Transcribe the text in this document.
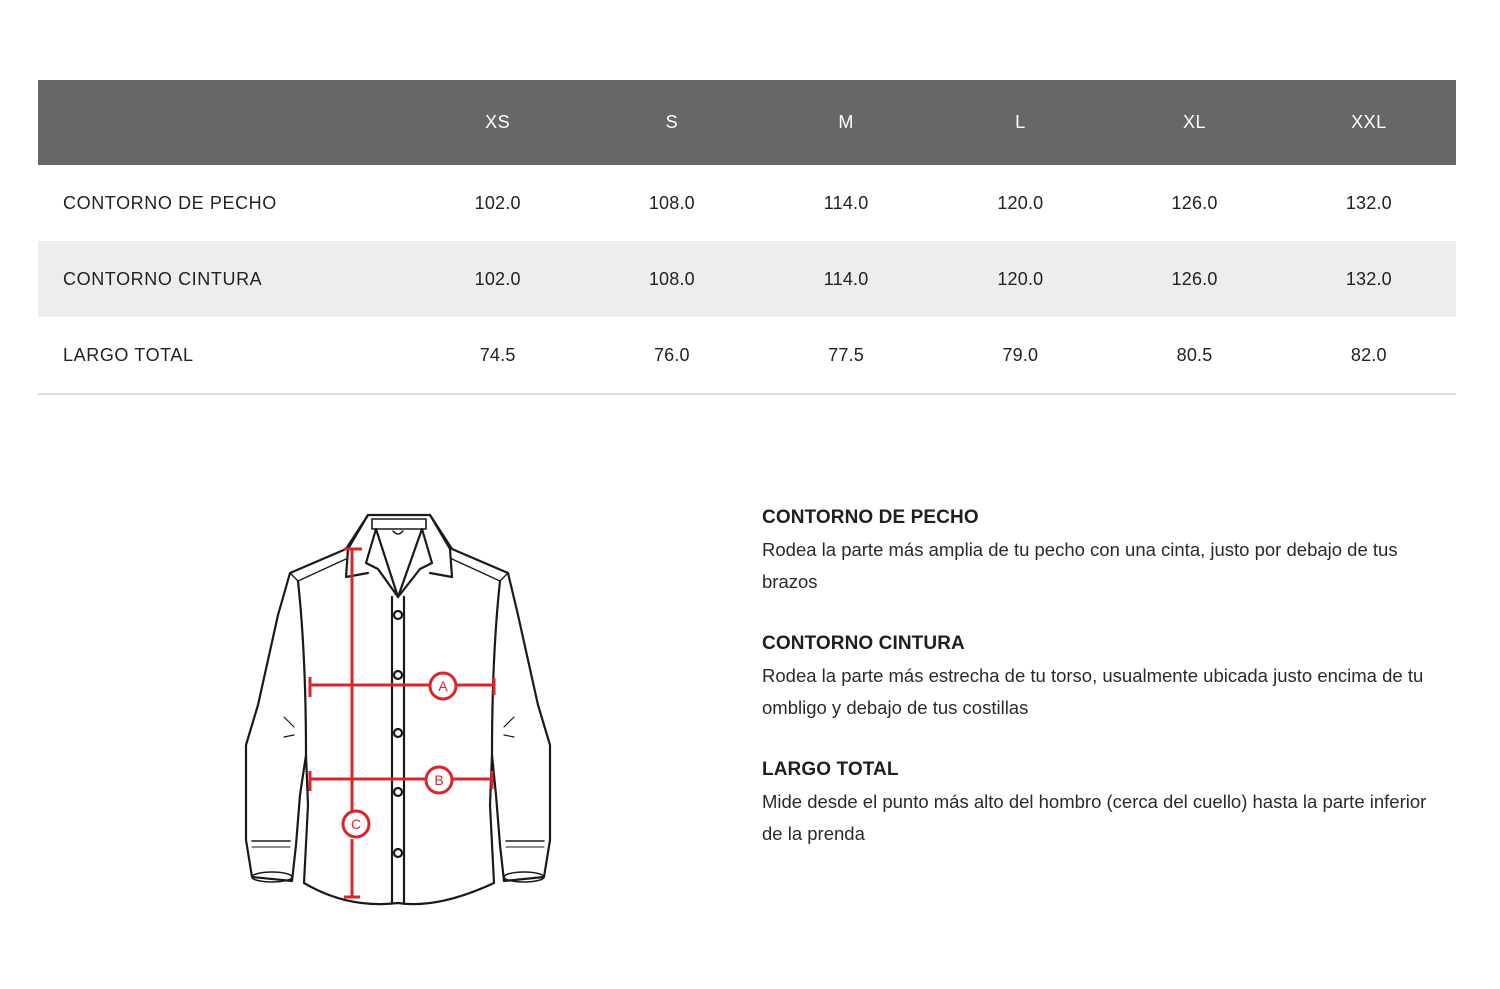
	XS	S	M	L	XL	XXL
CONTORNO DE PECHO	102.0	108.0	114.0	120.0	126.0	132.0
CONTORNO CINTURA	102.0	108.0	114.0	120.0	126.0	132.0
LARGO TOTAL	74.5	76.0	77.5	79.0	80.5	82.0
A
B
C
CONTORNO DE PECHO
Rodea la parte más amplia de tu pecho con una cinta, justo por debajo de tus brazos
CONTORNO CINTURA
Rodea la parte más estrecha de tu torso, usualmente ubicada justo encima de tu ombligo y debajo de tus costillas
LARGO TOTAL
Mide desde el punto más alto del hombro (cerca del cuello) hasta la parte inferior de la prenda
